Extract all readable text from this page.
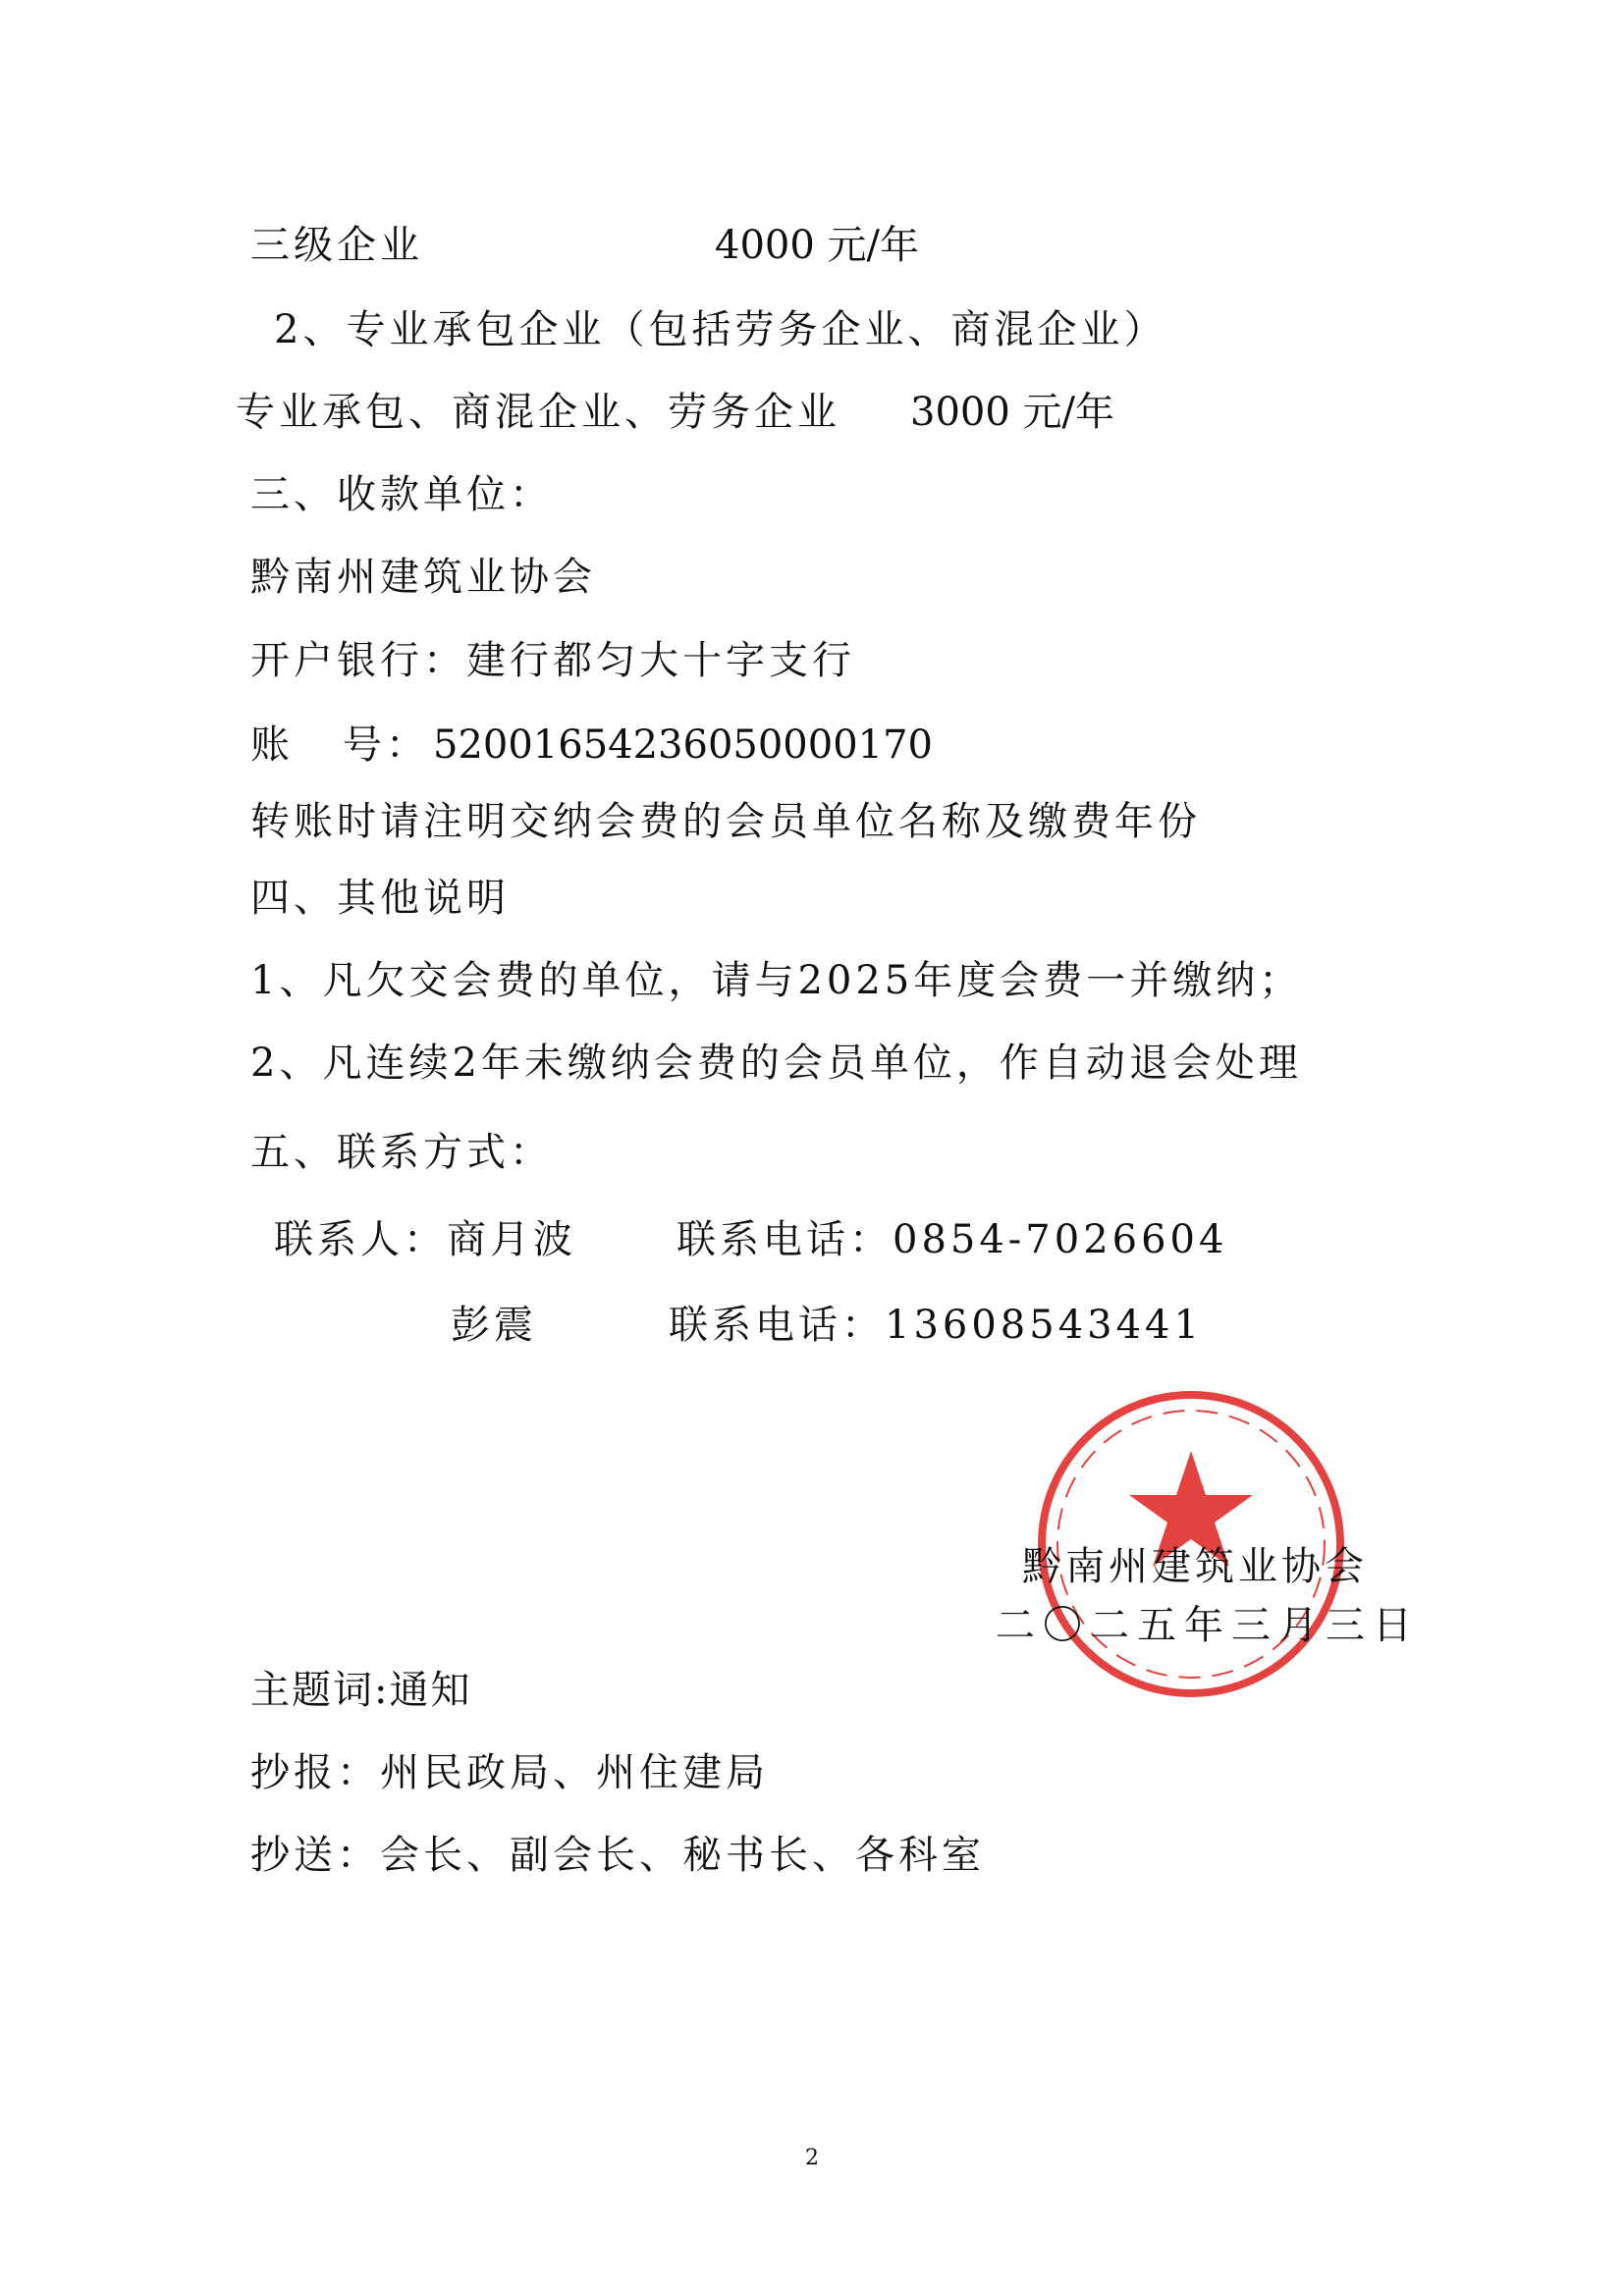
三级企业	4000 元/年
2、专业承包企业（包括劳务企业、商混企业）
专业承包、商混企业、劳务企业 3000 元/年
三、收款单位：
黔南州建筑业协会
开户银行：建行都匀大十字支行
账 号： 52001654236050000170
转账时请注明交纳会费的会员单位名称及缴费年份
四、其他说明
1、凡欠交会费的单位，请与2025年度会费一并缴纳；
2、凡连续2年未缴纳会费的会员单位，作自动退会处理
五、联系方式：
联系人：商月波	联系电话：0854-7026604
彭震	联系电话：13608543441
黔南州建筑业协会
二〇二五年三月三日
主题词:通知
抄报：州民政局、州住建局
抄送：会长、副会长、秘书长、各科室
2
